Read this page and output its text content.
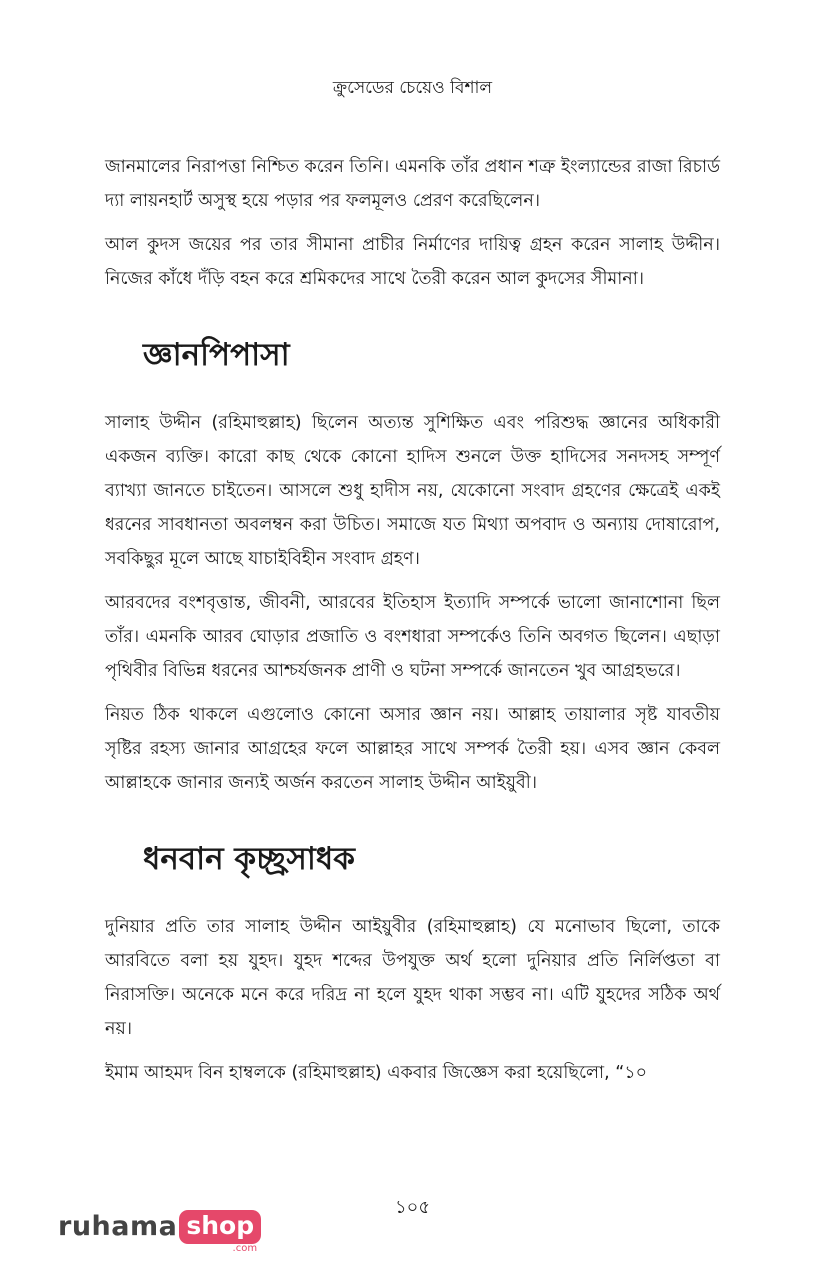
ক্রুসেডের চেয়েও বিশাল

জানমালের নিরাপত্তা নিশ্চিত করেন তিনি। এমনকি তাঁর প্রধান শত্রু ইংল্যান্ডের রাজা রিচার্ড দ্যা লায়নহার্ট অসুস্থ হয়ে পড়ার পর ফলমূলও প্রেরণ করেছিলেন।

আল কুদস জয়ের পর তার সীমানা প্রাচীর নির্মাণের দায়িত্ব গ্রহন করেন সালাহ উদ্দীন। নিজের কাঁধে দঁড়ি বহন করে শ্রমিকদের সাথে তৈরী করেন আল কুদসের সীমানা।

জ্ঞানপিপাসা

সালাহ উদ্দীন (রহিমাহুল্লাহ) ছিলেন অত্যন্ত সুশিক্ষিত এবং পরিশুদ্ধ জ্ঞানের অধিকারী একজন ব্যক্তি। কারো কাছ থেকে কোনো হাদিস শুনলে উক্ত হাদিসের সনদসহ সম্পূর্ণ ব্যাখ্যা জানতে চাইতেন। আসলে শুধু হাদীস নয়, যেকোনো সংবাদ গ্রহণের ক্ষেত্রেই একই ধরনের সাবধানতা অবলম্বন করা উচিত। সমাজে যত মিথ্যা অপবাদ ও অন্যায় দোষারোপ, সবকিছুর মূলে আছে যাচাইবিহীন সংবাদ গ্রহণ।

আরবদের বংশবৃত্তান্ত, জীবনী, আরবের ইতিহাস ইত্যাদি সম্পর্কে ভালো জানাশোনা ছিল তাঁর। এমনকি আরব ঘোড়ার প্রজাতি ও বংশধারা সম্পর্কেও তিনি অবগত ছিলেন। এছাড়া পৃথিবীর বিভিন্ন ধরনের আশ্চর্যজনক প্রাণী ও ঘটনা সম্পর্কে জানতেন খুব আগ্রহভরে।

নিয়ত ঠিক থাকলে এগুলোও কোনো অসার জ্ঞান নয়। আল্লাহ তায়ালার সৃষ্ট যাবতীয় সৃষ্টির রহস্য জানার আগ্রহের ফলে আল্লাহর সাথে সম্পর্ক তৈরী হয়। এসব জ্ঞান কেবল আল্লাহকে জানার জন্যই অর্জন করতেন সালাহ উদ্দীন আইয়ুবী।

ধনবান কৃচ্ছ্রসাধক

দুনিয়ার প্রতি তার সালাহ উদ্দীন আইয়ুবীর (রহিমাহুল্লাহ) যে মনোভাব ছিলো, তাকে আরবিতে বলা হয় যুহদ। যুহদ শব্দের উপযুক্ত অর্থ হলো দুনিয়ার প্রতি নির্লিপ্ততা বা নিরাসক্তি। অনেকে মনে করে দরিদ্র না হলে যুহদ থাকা সম্ভব না। এটি যুহদের সঠিক অর্থ নয়।

ইমাম আহমদ বিন হাম্বলকে (রহিমাহুল্লাহ) একবার জিজ্ঞেস করা হয়েছিলো, “১০

১০৫
ruhama shop
.com
